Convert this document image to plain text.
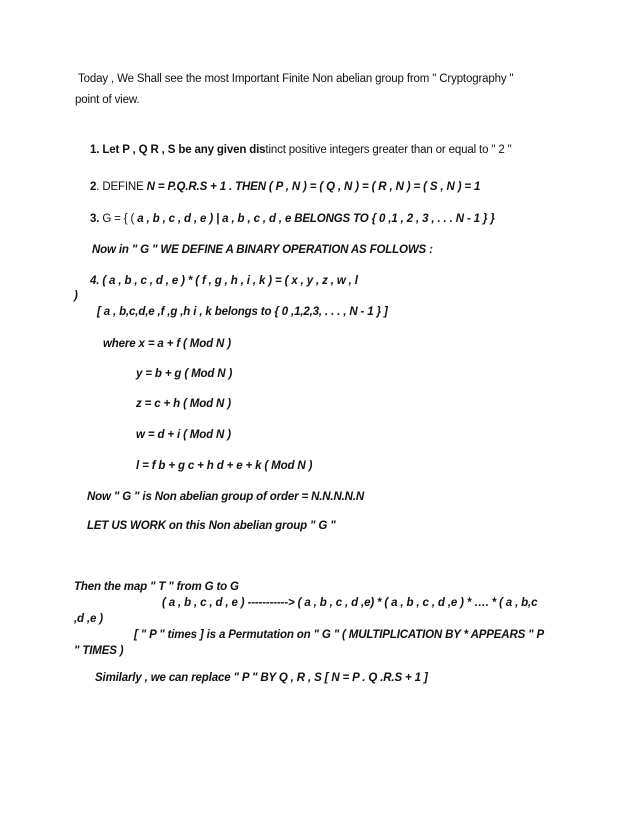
Today , We Shall see the most Important Finite Non abelian group from " Cryptography "
point of view.
1. Let P , Q R , S be any given distinct positive integers greater than or equal to " 2 "
2. DEFINE N = P.Q.R.S + 1 . THEN ( P , N ) = ( Q , N ) = ( R , N ) = ( S , N ) = 1
3. G = { ( a , b , c , d , e ) | a , b , c , d , e BELONGS TO { 0 ,1 , 2 , 3 , . . . N - 1 } }
Now in " G " WE DEFINE A BINARY OPERATION AS FOLLOWS :
4. ( a , b , c , d , e ) * ( f , g , h , i , k ) = ( x , y , z , w , l
)
[ a , b,c,d,e ,f ,g ,h i , k belongs to { 0 ,1,2,3, . . . , N - 1 } ]
where x = a + f ( Mod N )
y = b + g ( Mod N )
z = c + h ( Mod N )
w = d + i ( Mod N )
l = f b + g c + h d + e + k ( Mod N )
Now " G " is Non abelian group of order = N.N.N.N.N
LET US WORK on this Non abelian group " G "
Then the map " T " from G to G
( a , b , c , d , e ) -----------> ( a , b , c , d ,e) * ( a , b , c , d ,e ) * …. * ( a , b,c
,d ,e )
[ " P " times ] is a Permutation on " G " ( MULTIPLICATION BY * APPEARS " P
" TIMES )
Similarly , we can replace " P " BY Q , R , S [ N = P . Q .R.S + 1 ]
